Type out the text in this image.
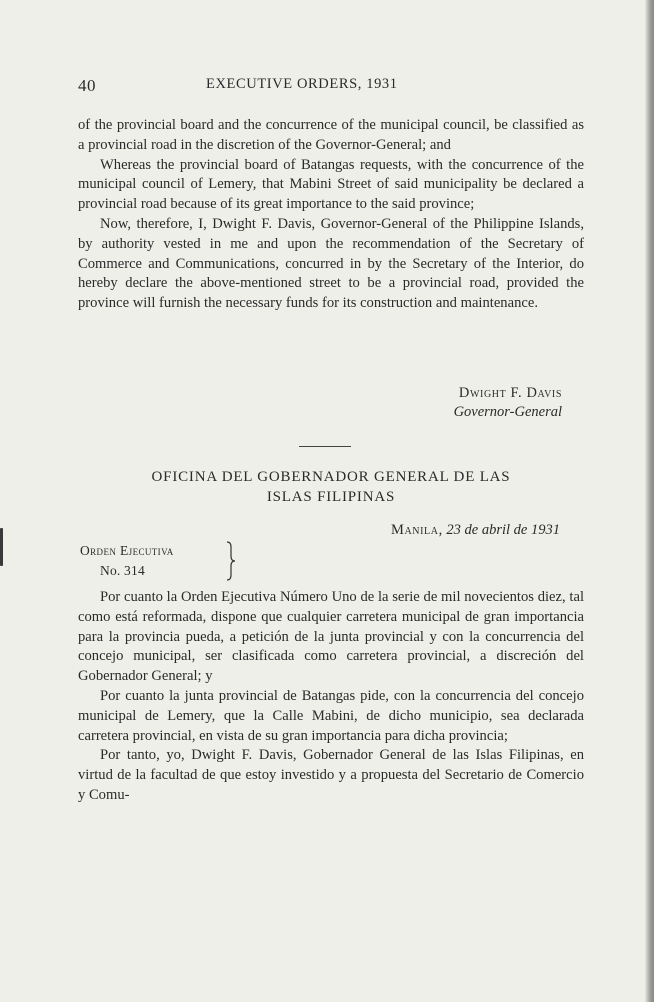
40	EXECUTIVE ORDERS, 1931

of the provincial board and the concurrence of the municipal council, be classified as a provincial road in the discretion of the Governor-General; and

Whereas the provincial board of Batangas requests, with the concurrence of the municipal council of Lemery, that Mabini Street of said municipality be declared a provincial road because of its great importance to the said province;

Now, therefore, I, Dwight F. Davis, Governor-General of the Philippine Islands, by authority vested in me and upon the recommendation of the Secretary of Commerce and Communications, concurred in by the Secretary of the Interior, do hereby declare the above-mentioned street to be a provincial road, provided the province will furnish the necessary funds for its construction and maintenance.

Dwight F. Davis
Governor-General
OFICINA DEL GOBERNADOR GENERAL DE LAS
ISLAS FILIPINAS
Manila, 23 de abril de 1931
Orden Ejecutiva
No. 314

Por cuanto la Orden Ejecutiva Número Uno de la serie de mil novecientos diez, tal como está reformada, dispone que cualquier carretera municipal de gran importancia para la provincia pueda, a petición de la junta provincial y con la concurrencia del concejo municipal, ser clasificada como carretera provincial, a discreción del Gobernador General; y

Por cuanto la junta provincial de Batangas pide, con la concurrencia del concejo municipal de Lemery, que la Calle Mabini, de dicho municipio, sea declarada carretera provincial, en vista de su gran importancia para dicha provincia;

Por tanto, yo, Dwight F. Davis, Gobernador General de las Islas Filipinas, en virtud de la facultad de que estoy investido y a propuesta del Secretario de Comercio y Comu-
